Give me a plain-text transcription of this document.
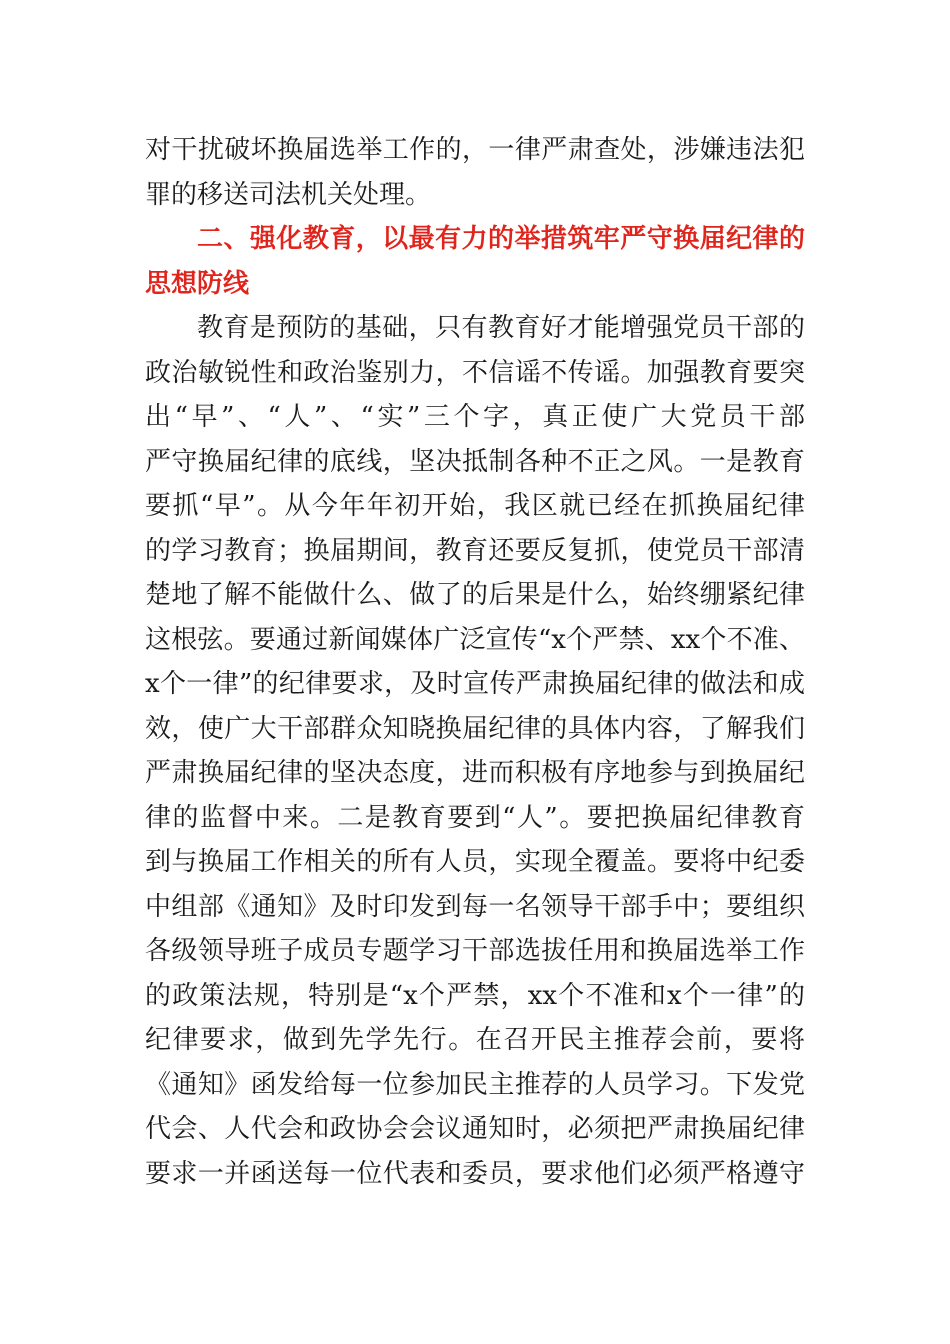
对干扰破坏换届选举工作的，一律严肃查处，涉嫌违法犯
罪的移送司法机关处理。
二、强化教育，以最有力的举措筑牢严守换届纪律的
思想防线
教育是预防的基础，只有教育好才能增强党员干部的
政治敏锐性和政治鉴别力，不信谣不传谣。加强教育要突
出“早”、“人”、“实”三个字，真正使广大党员干部
严守换届纪律的底线，坚决抵制各种不正之风。一是教育
要抓“早”。从今年年初开始，我区就已经在抓换届纪律
的学习教育；换届期间，教育还要反复抓，使党员干部清
楚地了解不能做什么、做了的后果是什么，始终绷紧纪律
这根弦。要通过新闻媒体广泛宣传“x个严禁、xx个不准、
x个一律”的纪律要求，及时宣传严肃换届纪律的做法和成
效，使广大干部群众知晓换届纪律的具体内容，了解我们
严肃换届纪律的坚决态度，进而积极有序地参与到换届纪
律的监督中来。二是教育要到“人”。要把换届纪律教育
到与换届工作相关的所有人员，实现全覆盖。要将中纪委
中组部《通知》及时印发到每一名领导干部手中；要组织
各级领导班子成员专题学习干部选拔任用和换届选举工作
的政策法规，特别是“x个严禁，xx个不准和x个一律”的
纪律要求，做到先学先行。在召开民主推荐会前，要将
《通知》函发给每一位参加民主推荐的人员学习。下发党
代会、人代会和政协会会议通知时，必须把严肃换届纪律
要求一并函送每一位代表和委员，要求他们必须严格遵守
